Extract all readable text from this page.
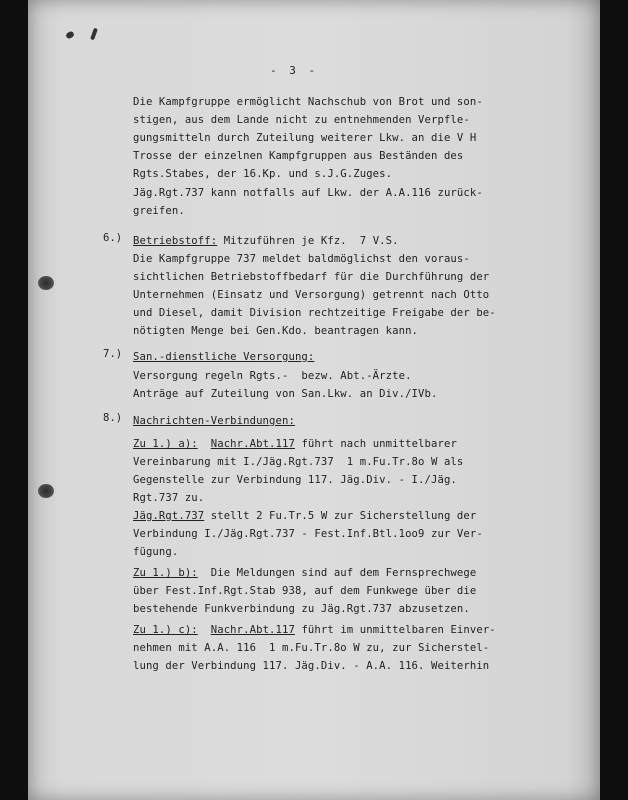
- 3 -
Die Kampfgruppe ermöglicht Nachschub von Brot und son-
stigen, aus dem Lande nicht zu entnehmenden Verpfle-
gungsmitteln durch Zuteilung weiterer Lkw. an die V H
Trosse der einzelnen Kampfgruppen aus Beständen des
Rgts.Stabes, der 16.Kp. und s.J.G.Zuges.
Jäg.Rgt.737 kann notfalls auf Lkw. der A.A.116 zurück-
greifen.
Betriebstoff: Mitzuführen je Kfz.  7 V.S.
Die Kampfgruppe 737 meldet baldmöglichst den voraus-
sichtlichen Betriebstoffbedarf für die Durchführung der
Unternehmen (Einsatz und Versorgung) getrennt nach Otto
und Diesel, damit Division rechtzeitige Freigabe der be-
nötigten Menge bei Gen.Kdo. beantragen kann.
San.-dienstliche Versorgung:
Versorgung regeln Rgts.-  bezw. Abt.-Ärzte.
Anträge auf Zuteilung von San.Lkw. an Div./IVb.
Nachrichten-Verbindungen:
Zu 1.) a): Nachr.Abt.117 führt nach unmittelbarer
Vereinbarung mit I./Jäg.Rgt.737  1 m.Fu.Tr.8o W als
Gegenstelle zur Verbindung 117. Jäg.Div. - I./Jäg.
Rgt.737 zu.
Jäg.Rgt.737 stellt 2 Fu.Tr.5 W zur Sicherstellung der
Verbindung I./Jäg.Rgt.737 - Fest.Inf.Btl.1oo9 zur Ver-
fügung.
Zu 1.) b):  Die Meldungen sind auf dem Fernsprechwege
über Fest.Inf.Rgt.Stab 938, auf dem Funkwege über die
bestehende Funkverbindung zu Jäg.Rgt.737 abzusetzen.
Zu 1.) c): Nachr.Abt.117 führt im unmittelbaren Einver-
nehmen mit A.A. 116  1 m.Fu.Tr.8o W zu, zur Sicherstel-
lung der Verbindung 117. Jäg.Div. - A.A. 116. Weiterhin
6.)
7.)
8.)
